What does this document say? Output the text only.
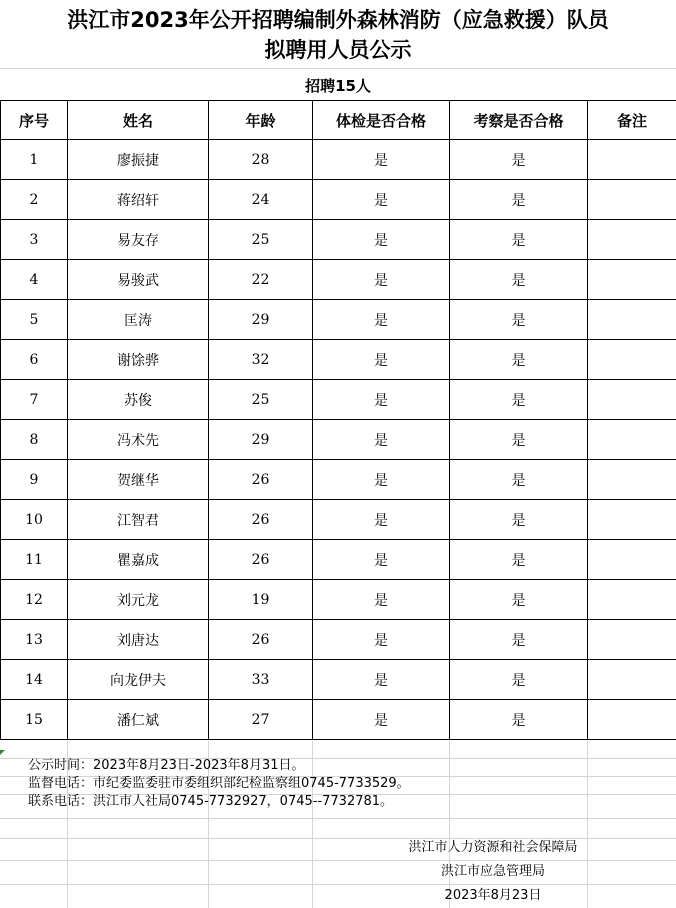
洪江市2023年公开招聘编制外森林消防（应急救援）队员
拟聘用人员公示
招聘15人
序号	姓名	年龄	体检是否合格	考察是否合格	备注
1	廖振捷	28	是	是	
2	蒋绍轩	24	是	是	
3	易友存	25	是	是	
4	易骏武	22	是	是	
5	匡涛	29	是	是	
6	谢馀骅	32	是	是	
7	苏俊	25	是	是	
8	冯术先	29	是	是	
9	贺继华	26	是	是	
10	江智君	26	是	是	
11	瞿嘉成	26	是	是	
12	刘元龙	19	是	是	
13	刘唐达	26	是	是	
14	向龙伊夫	33	是	是	
15	潘仁斌	27	是	是	
公示时间：2023年8月23日-2023年8月31日。
监督电话：市纪委监委驻市委组织部纪检监察组0745-7733529。
联系电话：洪江市人社局0745-7732927，0745--7732781。
洪江市人力资源和社会保障局
洪江市应急管理局
2023年8月23日
